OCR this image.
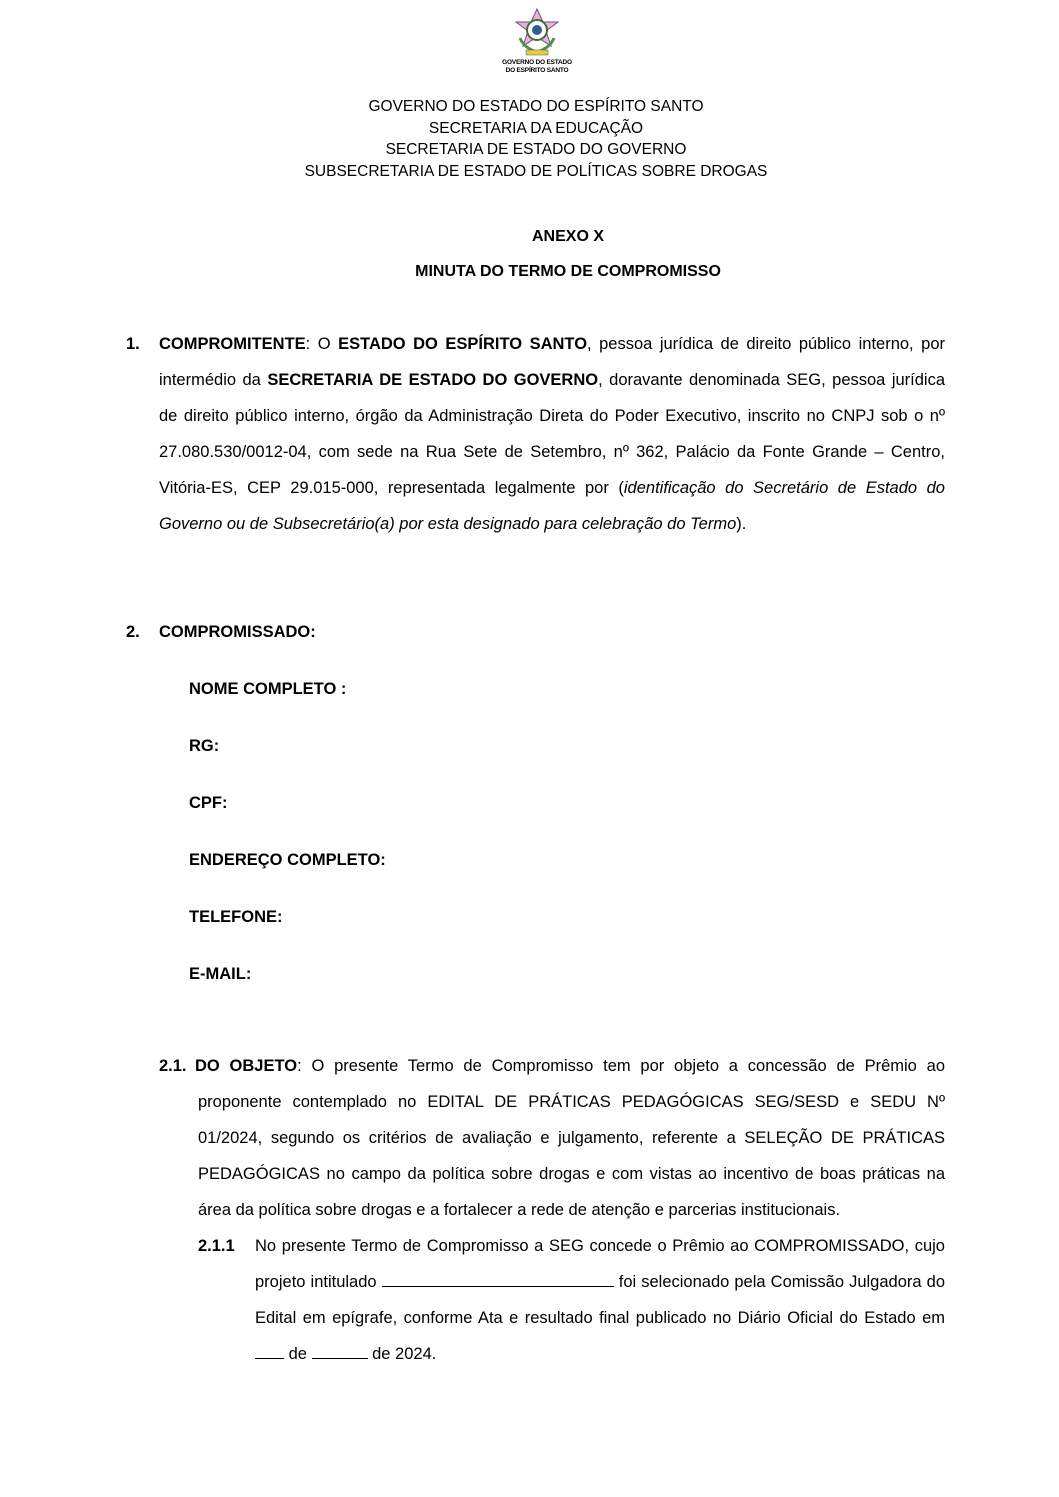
GOVERNO DO ESTADO
DO ESPÍRITO SANTO
GOVERNO DO ESTADO DO ESPÍRITO SANTO
SECRETARIA DA EDUCAÇÃO
SECRETARIA DE ESTADO DO GOVERNO
SUBSECRETARIA DE ESTADO DE POLÍTICAS SOBRE DROGAS
ANEXO X
MINUTA DO TERMO DE COMPROMISSO
1. COMPROMITENTE: O ESTADO DO ESPÍRITO SANTO, pessoa jurídica de direito público interno, por intermédio da SECRETARIA DE ESTADO DO GOVERNO, doravante denominada SEG, pessoa jurídica de direito público interno, órgão da Administração Direta do Poder Executivo, inscrito no CNPJ sob o nº 27.080.530/0012-04, com sede na Rua Sete de Setembro, nº 362, Palácio da Fonte Grande – Centro, Vitória-ES, CEP 29.015-000, representada legalmente por (identificação do Secretário de Estado do Governo ou de Subsecretário(a) por esta designado para celebração do Termo).
2. COMPROMISSADO:
NOME COMPLETO :
RG:
CPF:
ENDEREÇO COMPLETO:
TELEFONE:
E-MAIL:
2.1. DO OBJETO: O presente Termo de Compromisso tem por objeto a concessão de Prêmio ao proponente contemplado no EDITAL DE PRÁTICAS PEDAGÓGICAS SEG/SESD e SEDU Nº 01/2024, segundo os critérios de avaliação e julgamento, referente a SELEÇÃO DE PRÁTICAS PEDAGÓGICAS no campo da política sobre drogas e com vistas ao incentivo de boas práticas na área da política sobre drogas e a fortalecer a rede de atenção e parcerias institucionais.
2.1.1 No presente Termo de Compromisso a SEG concede o Prêmio ao COMPROMISSADO, cujo projeto intitulado	foi selecionado pela Comissão Julgadora do Edital em epígrafe, conforme Ata e resultado final publicado no Diário Oficial do Estado em  de	de 2024.
